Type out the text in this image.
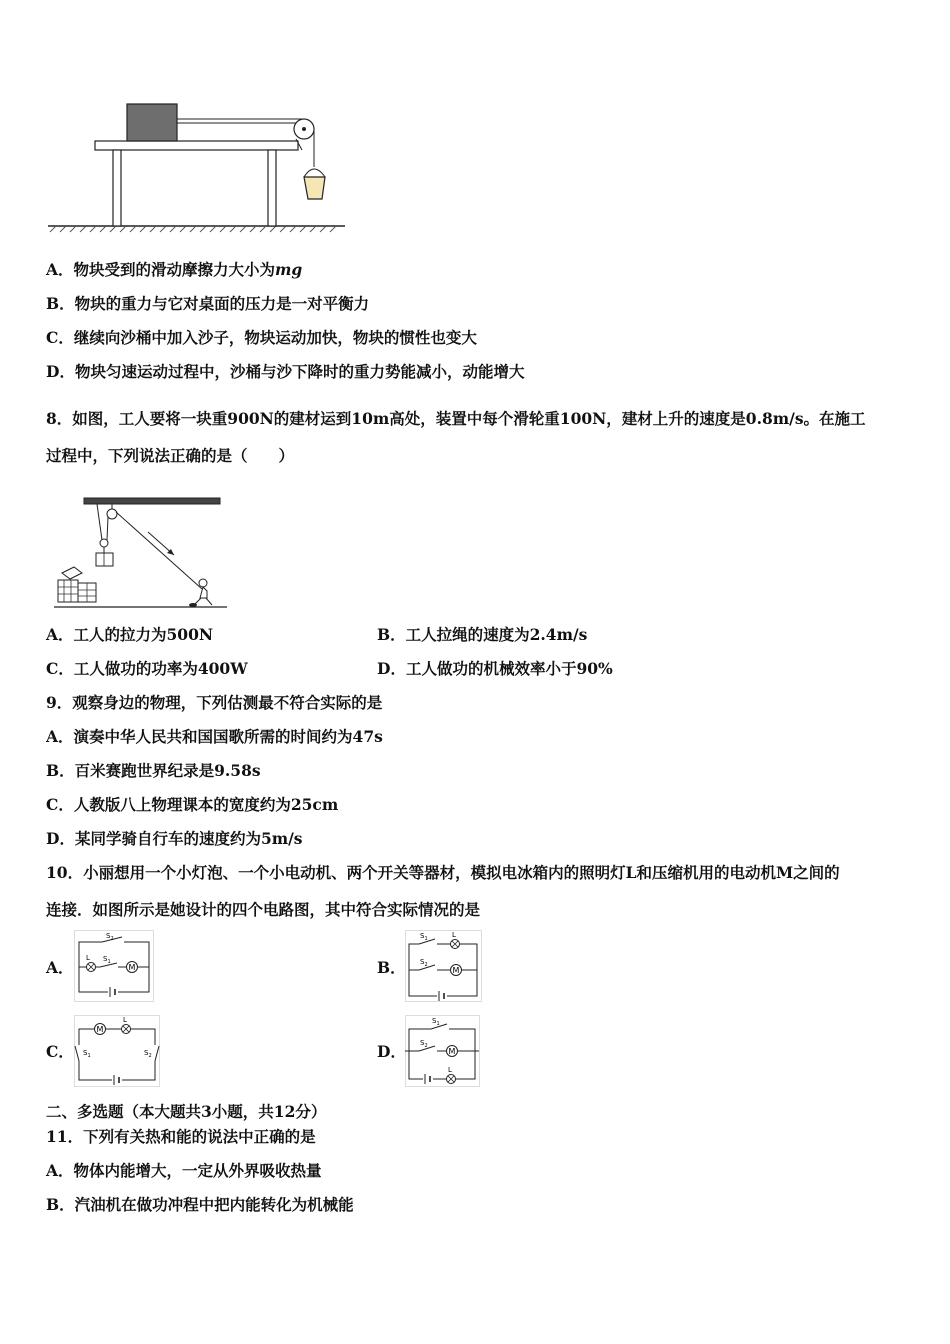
A．物块受到的滑动摩擦力大小为mg
B．物块的重力与它对桌面的压力是一对平衡力
C．继续向沙桶中加入沙子，物块运动加快，物块的惯性也变大
D．物块匀速运动过程中，沙桶与沙下降时的重力势能减小，动能增大
8．如图，工人要将一块重900N的建材运到10m高处，装置中每个滑轮重100N，建材上升的速度是0.8m/s。在施工
过程中，下列说法正确的是（　　）
A．工人的拉力为500N	B．工人拉绳的速度为2.4m/s
C．工人做功的功率为400W	D．工人做功的机械效率小于90%
9．观察身边的物理，下列估测最不符合实际的是
A．演奏中华人民共和国国歌所需的时间约为47s
B．百米赛跑世界纪录是9.58s
C．人教版八上物理课本的宽度约为25cm
D．某同学骑自行车的速度约为5m/s
10．小丽想用一个小灯泡、一个小电动机、两个开关等器材，模拟电冰箱内的照明灯L和压缩机用的电动机M之间的
连接．如图所示是她设计的四个电路图，其中符合实际情况的是
A．
$S_2$
L $S_1$
M	B．
$S_1$	L
$S_2$
M
C．
M
L
$S_1$	$S_2$	D．
$S_1$
$S_2$
M
L
二、多选题（本大题共3小题，共12分）
11．下列有关热和能的说法中正确的是
A．物体内能增大，一定从外界吸收热量
B．汽油机在做功冲程中把内能转化为机械能
